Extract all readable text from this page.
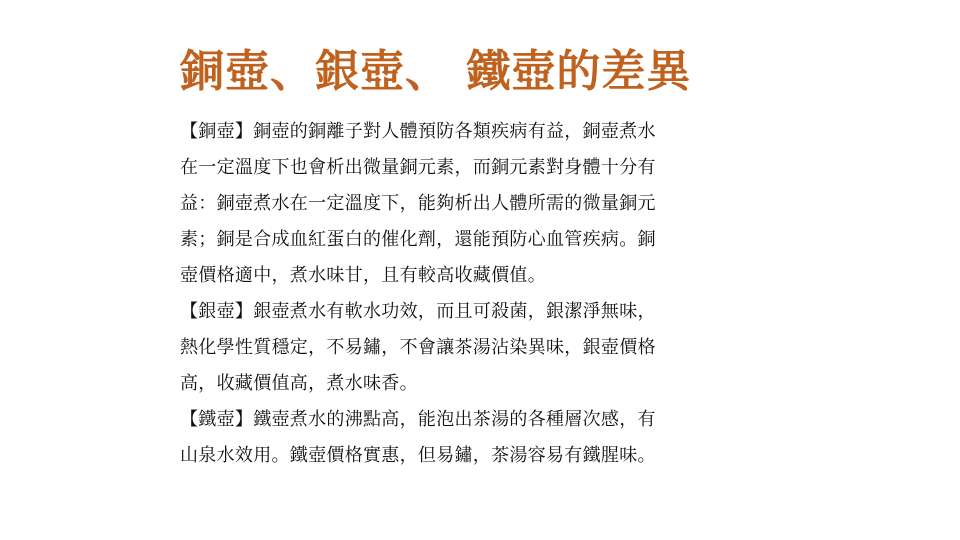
銅壺、銀壺、 鐵壺的差異

【銅壺】銅壺的銅離子對人體預防各類疾病有益，銅壺煮水
在一定溫度下也會析出微量銅元素，而銅元素對身體十分有
益：銅壺煮水在一定溫度下，能夠析出人體所需的微量銅元
素；銅是合成血紅蛋白的催化劑，還能預防心血管疾病。銅
壺價格適中，煮水味甘，且有較高收藏價值。

【銀壺】銀壺煮水有軟水功效，而且可殺菌，銀潔淨無味，
熱化學性質穩定，不易鏽，不會讓茶湯沾染異味，銀壺價格
高，收藏價值高，煮水味香。

【鐵壺】鐵壺煮水的沸點高，能泡出茶湯的各種層次感，有
山泉水效用。鐵壺價格實惠，但易鏽，茶湯容易有鐵腥味。
